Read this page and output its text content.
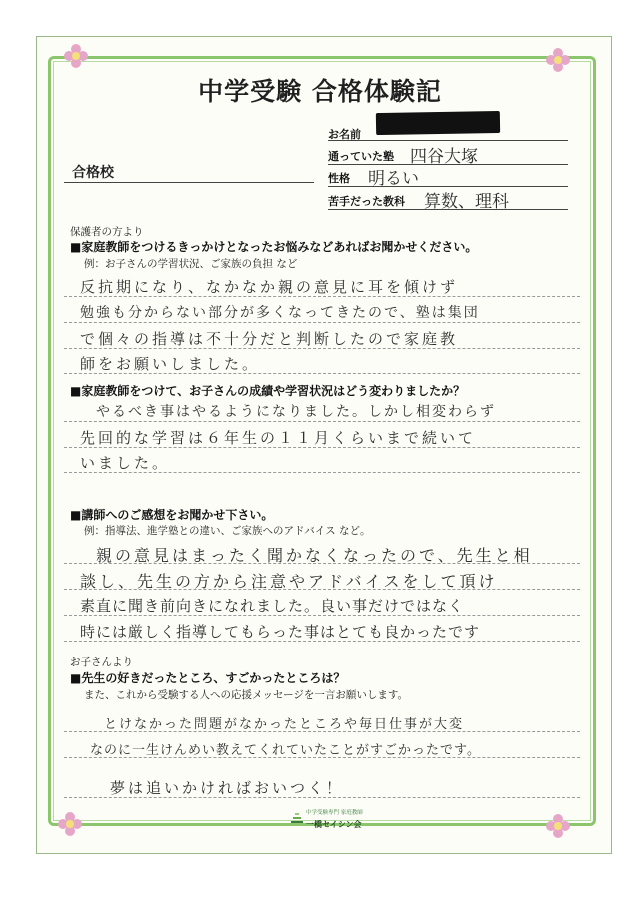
中学受験 合格体験記
お名前
通っていた塾 四谷大塚
性格 明るい
苦手だった教科 算数、理科
合格校
保護者の方より
■家庭教師をつけるきっかけとなったお悩みなどあればお聞かせください。
例：お子さんの学習状況、ご家族の負担 など
反抗期になり、なかなか親の意見に耳を傾けず
勉強も分からない部分が多くなってきたので、塾は集団
で個々の指導は不十分だと判断したので家庭教
師をお願いしました。
■家庭教師をつけて、お子さんの成績や学習状況はどう変わりましたか？
やるべき事はやるようになりました。しかし相変わらず
先回的な学習は６年生の１１月くらいまで続いて
いました。
■講師へのご感想をお聞かせ下さい。
例：指導法、進学塾との違い、ご家族へのアドバイス など。
親の意見はまったく聞かなくなったので、先生と相
談し、先生の方から注意やアドバイスをして頂け
素直に聞き前向きになれました。良い事だけではなく
時には厳しく指導してもらった事はとても良かったです
お子さんより
■先生の好きだったところ、すごかったところは？
また、これから受験する人への応援メッセージを一言お願いします。
とけなかった問題がなかったところや毎日仕事が大変
なのに一生けんめい教えてくれていたことがすごかったです。
夢は追いかければおいつく！
中学受験専門 家庭教師
一橋セイシン会
